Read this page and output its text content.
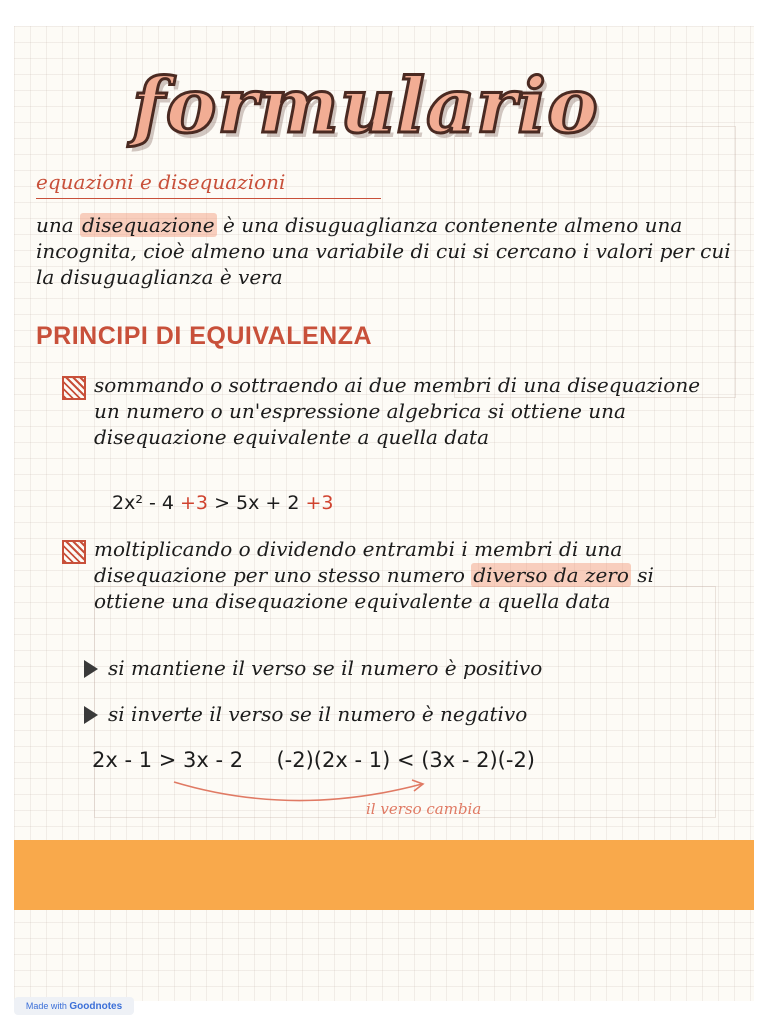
formulario

equazioni e disequazioni

una disequazione è una disuguaglianza contenente almeno una incognita, cioè almeno una variabile di cui si cercano i valori per cui la disuguaglianza è vera

PRINCIPI DI EQUIVALENZA

sommando o sottraendo ai due membri di una disequazione un numero o un'espressione algebrica si ottiene una disequazione equivalente a quella data

2x² - 4 +3 > 5x + 2 +3

moltiplicando o dividendo entrambi i membri di una disequazione per uno stesso numero diverso da zero si ottiene una disequazione equivalente a quella data

si mantiene il verso se il numero è positivo

si inverte il verso se il numero è negativo

2x - 1 > 3x - 2     (-2)(2x - 1) < (3x - 2)(-2)

il verso cambia

Made with Goodnotes
